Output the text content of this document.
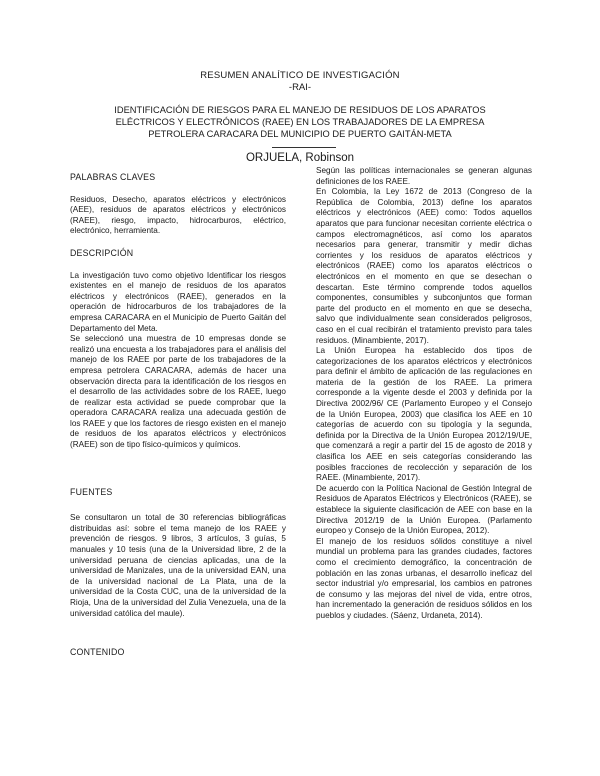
RESUMEN ANALÍTICO DE INVESTIGACIÓN
-RAI-
IDENTIFICACIÓN DE RIESGOS PARA EL MANEJO DE RESIDUOS DE LOS APARATOS ELÉCTRICOS Y ELECTRÓNICOS (RAEE) EN LOS TRABAJADORES DE LA EMPRESA PETROLERA CARACARA DEL MUNICIPIO DE PUERTO GAITÁN-META
ORJUELA, Robinson

PALABRAS CLAVES

Residuos, Desecho, aparatos eléctricos y electrónicos (AEE), residuos de aparatos eléctricos y electrónicos (RAEE), riesgo, impacto, hidrocarburos, eléctrico, electrónico, herramienta.

DESCRIPCIÓN

La investigación tuvo como objetivo Identificar los riesgos existentes en el manejo de residuos de los aparatos eléctricos y electrónicos (RAEE), generados en la operación de hidrocarburos de los trabajadores de la empresa CARACARA en el Municipio de Puerto Gaitán del Departamento del Meta.

Se seleccionó una muestra de 10 empresas donde se realizó una encuesta a los trabajadores para el análisis del manejo de los RAEE por parte de los trabajadores de la empresa petrolera CARACARA, además de hacer una observación directa para la identificación de los riesgos en el desarrollo de las actividades sobre de los RAEE, luego de realizar esta actividad se puede comprobar que la operadora CARACARA realiza una adecuada gestión de los RAEE y que los factores de riesgo existen en el manejo de residuos de los aparatos eléctricos y electrónicos (RAEE) son de tipo físico-químicos y químicos.

FUENTES

Se consultaron un total de 30 referencias bibliográficas distribuidas así: sobre el tema manejo de los RAEE y prevención de riesgos. 9 libros, 3 artículos, 3 guías, 5 manuales y 10 tesis (una de la Universidad libre, 2 de la universidad peruana de ciencias aplicadas, una de la universidad de Manizales, una de la universidad EAN, una de la universidad nacional de La Plata, una de la universidad de la Costa CUC, una de la universidad de la Rioja, Una de la universidad del Zulia Venezuela, una de la universidad católica del maule).

CONTENIDO

Según las políticas internacionales se generan algunas definiciones de los RAEE.

En Colombia, la Ley 1672 de 2013 (Congreso de la República de Colombia, 2013) define los aparatos eléctricos y electrónicos (AEE) como: Todos aquellos aparatos que para funcionar necesitan corriente eléctrica o campos electromagnéticos, así como los aparatos necesarios para generar, transmitir y medir dichas corrientes y los residuos de aparatos eléctricos y electrónicos (RAEE) como los aparatos eléctricos o electrónicos en el momento en que se desechan o descartan. Este término comprende todos aquellos componentes, consumibles y subconjuntos que forman parte del producto en el momento en que se desecha, salvo que individualmente sean considerados peligrosos, caso en el cual recibirán el tratamiento previsto para tales residuos. (Minambiente, 2017).

La Unión Europea ha establecido dos tipos de categorizaciones de los aparatos eléctricos y electrónicos para definir el ámbito de aplicación de las regulaciones en materia de la gestión de los RAEE. La primera corresponde a la vigente desde el 2003 y definida por la Directiva 2002/96/ CE (Parlamento Europeo y el Consejo de la Unión Europea, 2003) que clasifica los AEE en 10 categorías de acuerdo con su tipología y la segunda, definida por la Directiva de la Unión Europea 2012/19/UE, que comenzará a regir a partir del 15 de agosto de 2018 y clasifica los AEE en seis categorías considerando las posibles fracciones de recolección y separación de los RAEE. (Minambiente, 2017).

De acuerdo con la Política Nacional de Gestión Integral de Residuos de Aparatos Eléctricos y Electrónicos (RAEE), se establece la siguiente clasificación de AEE con base en la Directiva 2012/19 de la Unión Europea. (Parlamento europeo y Consejo de la Unión Europea, 2012).

El manejo de los residuos sólidos constituye a nivel mundial un problema para las grandes ciudades, factores como el crecimiento demográfico, la concentración de población en las zonas urbanas, el desarrollo ineficaz del sector industrial y/o empresarial, los cambios en patrones de consumo y las mejoras del nivel de vida, entre otros, han incrementado la generación de residuos sólidos en los pueblos y ciudades. (Sáenz, Urdaneta, 2014).
